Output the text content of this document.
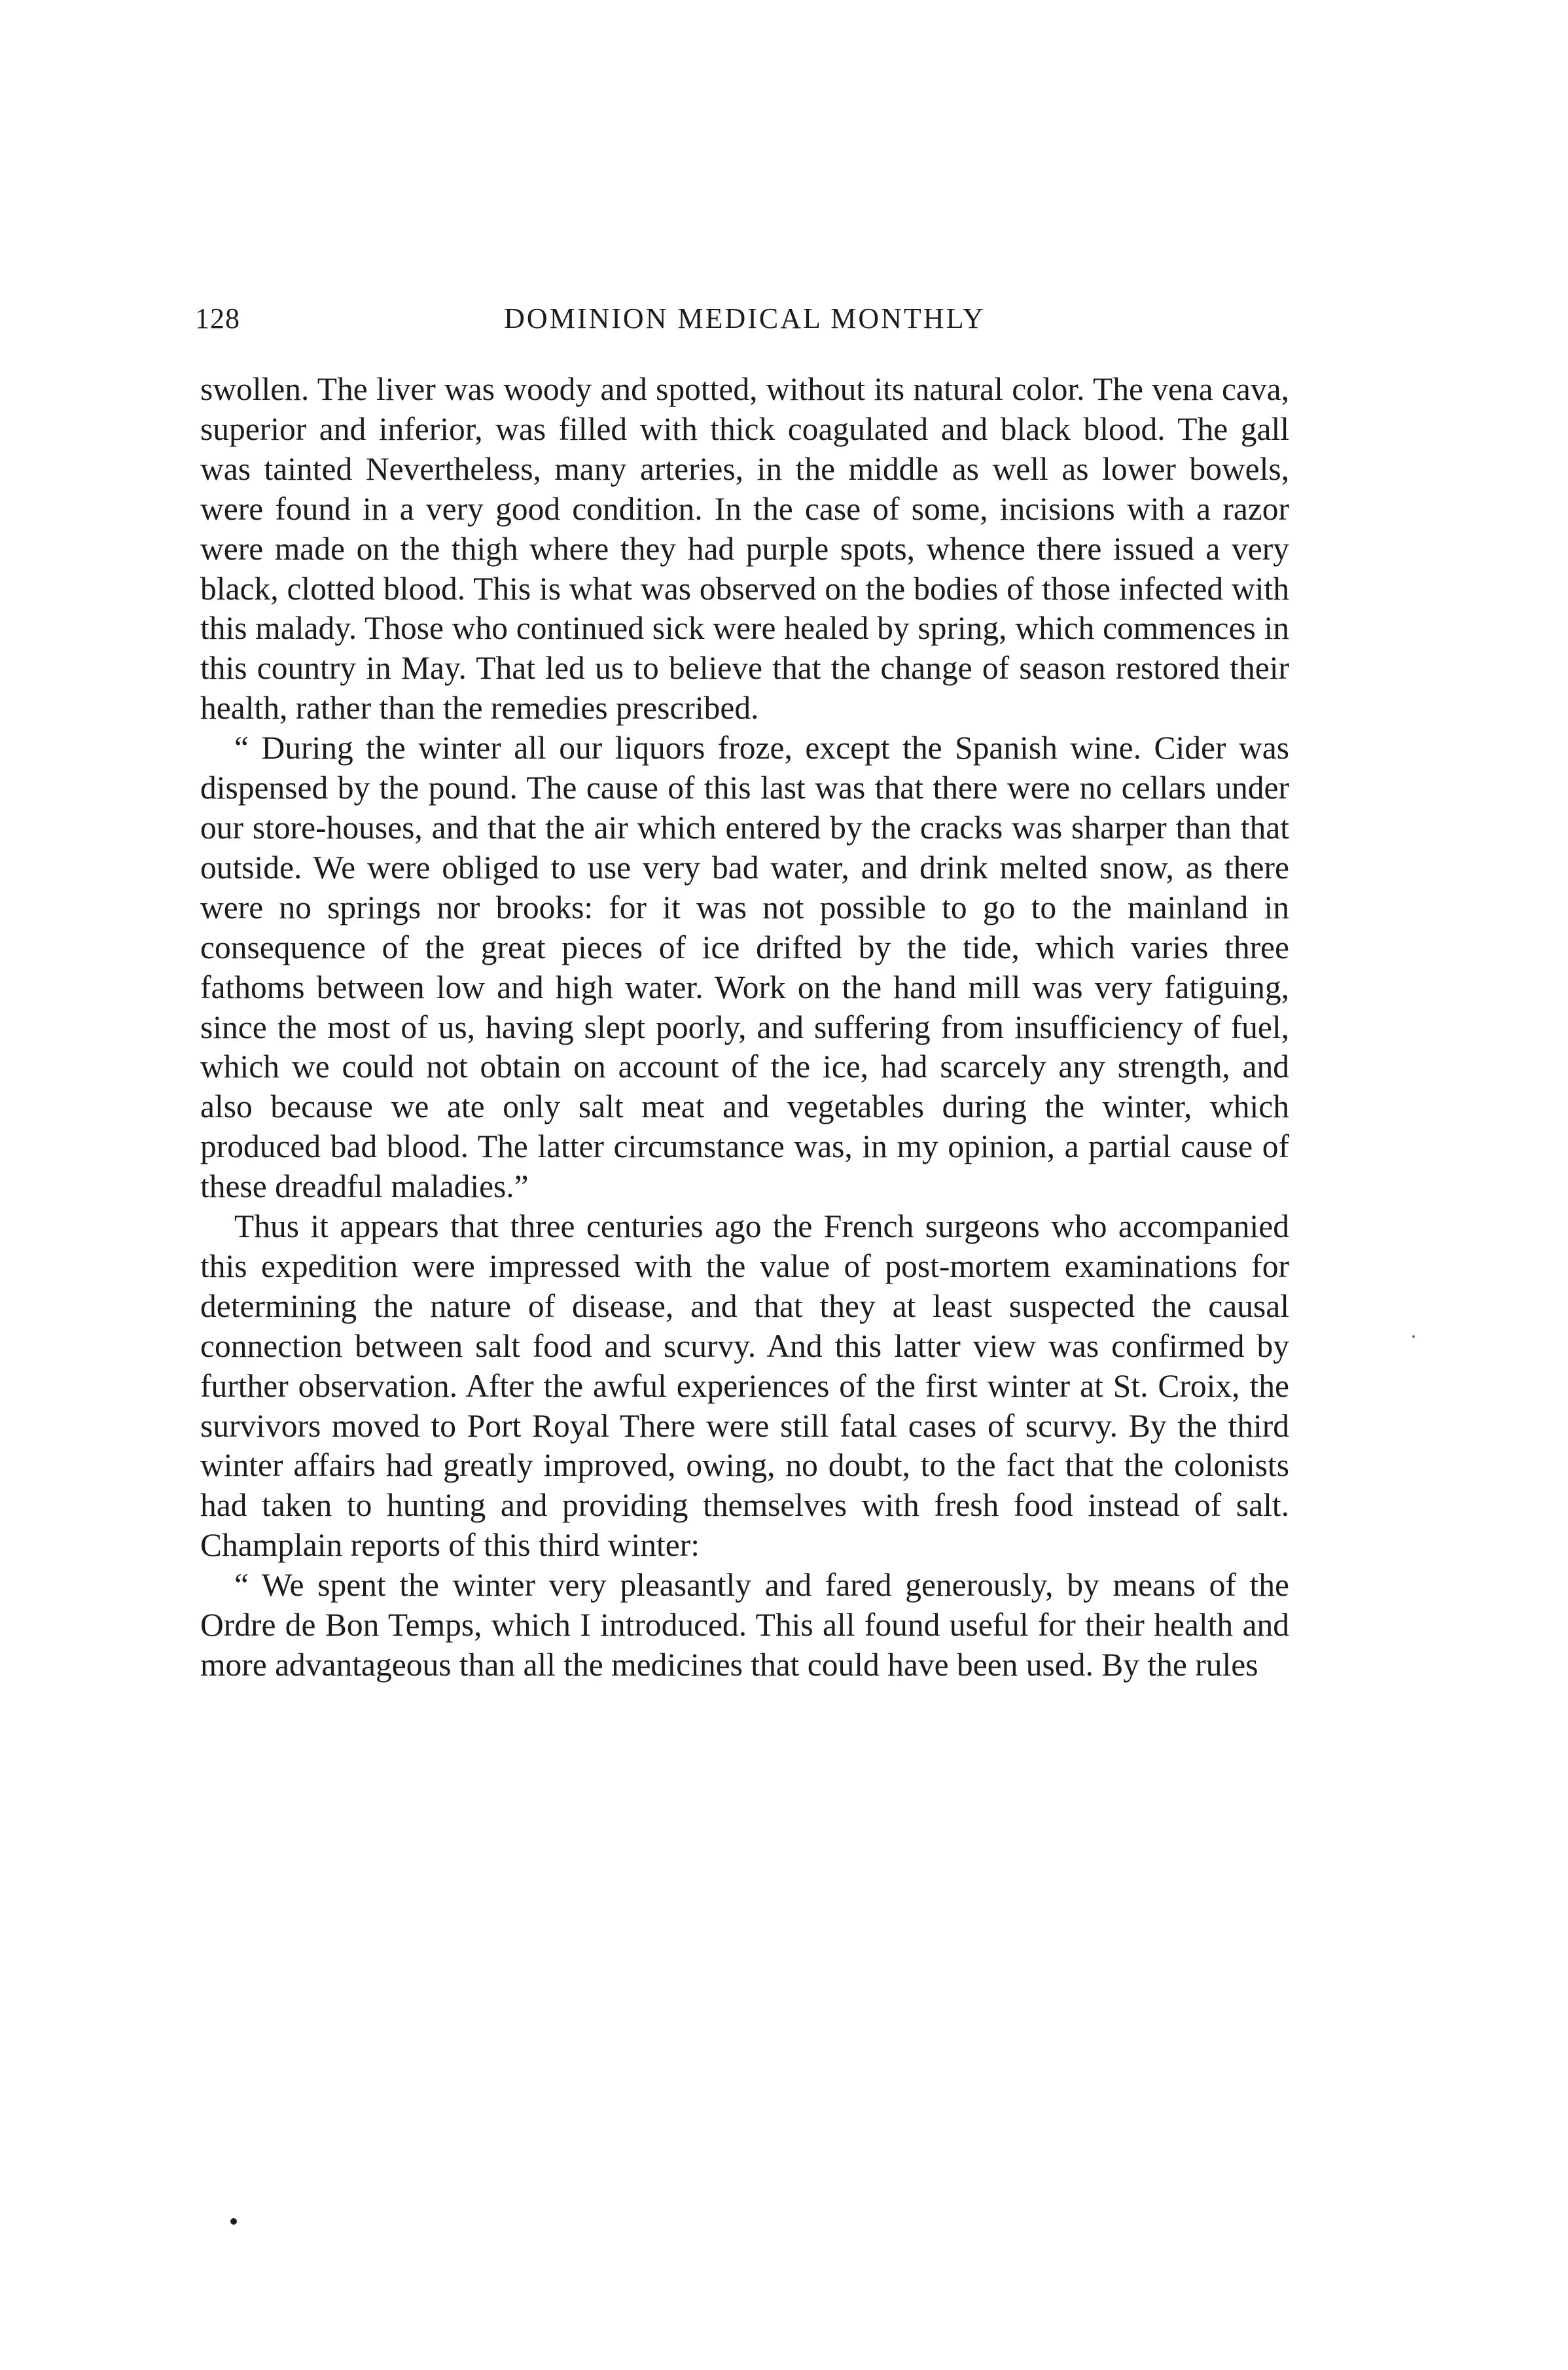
128	DOMINION MEDICAL MONTHLY

swollen. The liver was woody and spotted, without its natural color. The vena cava, superior and inferior, was filled with thick coagulated and black blood. The gall was tainted Nevertheless, many arteries, in the middle as well as lower bowels, were found in a very good condition. In the case of some, incisions with a razor were made on the thigh where they had purple spots, whence there issued a very black, clotted blood. This is what was observed on the bodies of those infected with this malady. Those who continued sick were healed by spring, which commences in this country in May. That led us to believe that the change of season restored their health, rather than the remedies prescribed.

“ During the winter all our liquors froze, except the Spanish wine. Cider was dispensed by the pound. The cause of this last was that there were no cellars under our store-houses, and that the air which entered by the cracks was sharper than that outside. We were obliged to use very bad water, and drink melted snow, as there were no springs nor brooks: for it was not possible to go to the mainland in consequence of the great pieces of ice drifted by the tide, which varies three fathoms between low and high water. Work on the hand mill was very fatiguing, since the most of us, having slept poorly, and suffering from insufficiency of fuel, which we could not obtain on account of the ice, had scarcely any strength, and also because we ate only salt meat and vegetables during the winter, which produced bad blood. The latter circumstance was, in my opinion, a partial cause of these dreadful maladies.”

Thus it appears that three centuries ago the French surgeons who accompanied this expedition were impressed with the value of post-mortem examinations for determining the nature of disease, and that they at least suspected the causal connection between salt food and scurvy. And this latter view was confirmed by further observation. After the awful experiences of the first winter at St. Croix, the survivors moved to Port Royal There were still fatal cases of scurvy. By the third winter affairs had greatly improved, owing, no doubt, to the fact that the colonists had taken to hunting and providing themselves with fresh food instead of salt. Champlain reports of this third winter:

“ We spent the winter very pleasantly and fared generously, by means of the Ordre de Bon Temps, which I introduced. This all found useful for their health and more advantageous than all the medicines that could have been used. By the rules
